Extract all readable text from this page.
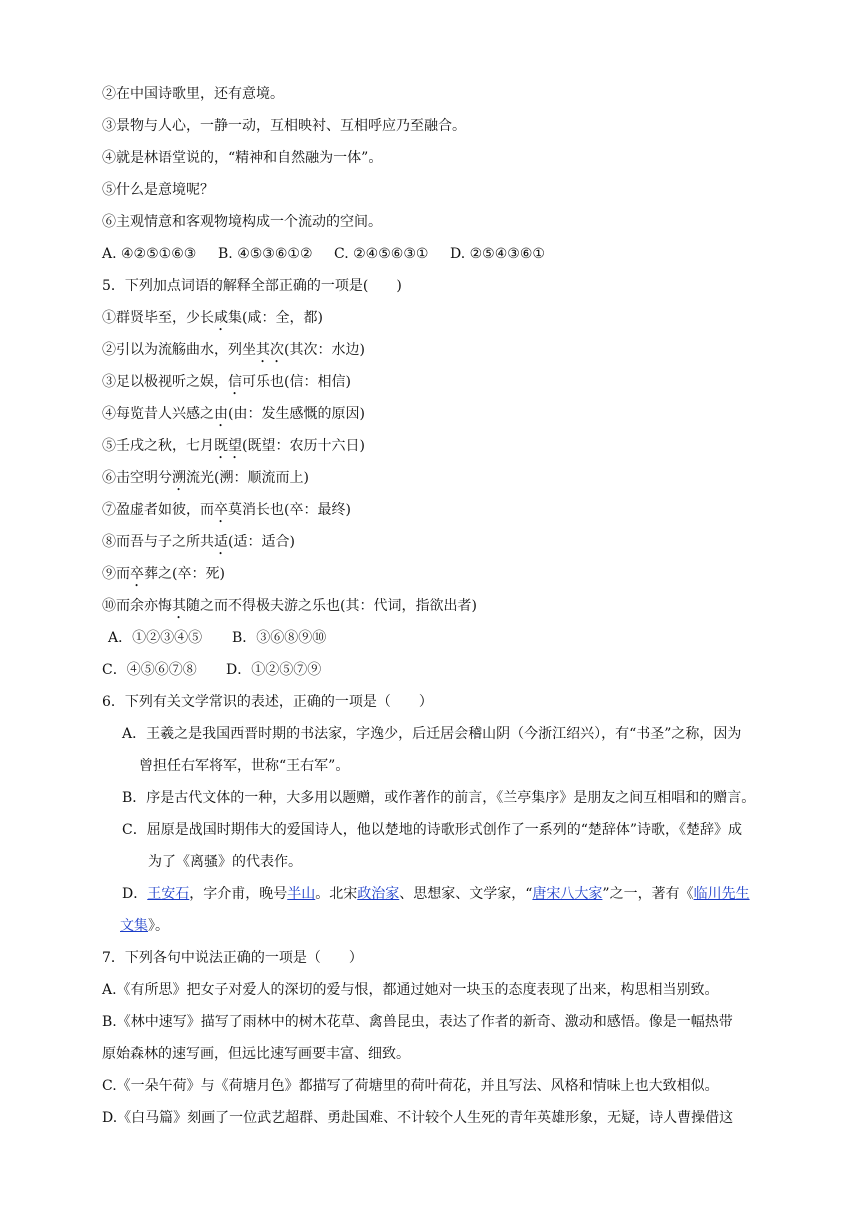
②在中国诗歌里，还有意境。
③景物与人心，一静一动，互相映衬、互相呼应乃至融合。
④就是林语堂说的，“精神和自然融为一体”。
⑤什么是意境呢？
⑥主观情意和客观物境构成一个流动的空间。
A. ④②⑤①⑥③ B. ④⑤③⑥①② C. ②④⑤⑥③① D. ②⑤④③⑥①
5．下列加点词语的解释全部正确的一项是(　　)
①群贤毕至，少长咸集(咸：全，都)
②引以为流觞曲水，列坐其次(其次：水边)
③足以极视听之娱，信可乐也(信：相信)
④每览昔人兴感之由(由：发生感慨的原因)
⑤壬戌之秋，七月既望(既望：农历十六日)
⑥击空明兮溯流光(溯：顺流而上)
⑦盈虚者如彼，而卒莫消长也(卒：最终)
⑧而吾与子之所共适(适：适合)
⑨而卒葬之(卒：死)
⑩而余亦悔其随之而不得极夫游之乐也(其：代词，指欲出者)
A．①②③④⑤ B．③⑥⑧⑨⑩
C．④⑤⑥⑦⑧ D．①②⑤⑦⑨
6．下列有关文学常识的表述，正确的一项是（　　）
A．王羲之是我国西晋时期的书法家，字逸少，后迁居会稽山阴（今浙江绍兴），有“书圣”之称，因为
曾担任右军将军，世称“王右军”。
B．序是古代文体的一种，大多用以题赠，或作著作的前言，《兰亭集序》是朋友之间互相唱和的赠言。
C．屈原是战国时期伟大的爱国诗人，他以楚地的诗歌形式创作了一系列的“楚辞体”诗歌，《楚辞》成
为了《离骚》的代表作。
D．王安石，字介甫，晚号半山。北宋政治家、思想家、文学家，“唐宋八大家”之一，著有《临川先生
文集》。
7．下列各句中说法正确的一项是（　　）
A.《有所思》把女子对爱人的深切的爱与恨，都通过她对一块玉的态度表现了出来，构思相当别致。
B.《林中速写》描写了雨林中的树木花草、禽兽昆虫，表达了作者的新奇、激动和感悟。像是一幅热带
原始森林的速写画，但远比速写画要丰富、细致。
C.《一朵午荷》与《荷塘月色》都描写了荷塘里的荷叶荷花，并且写法、风格和情味上也大致相似。
D.《白马篇》刻画了一位武艺超群、勇赴国难、不计较个人生死的青年英雄形象，无疑，诗人曹操借这
